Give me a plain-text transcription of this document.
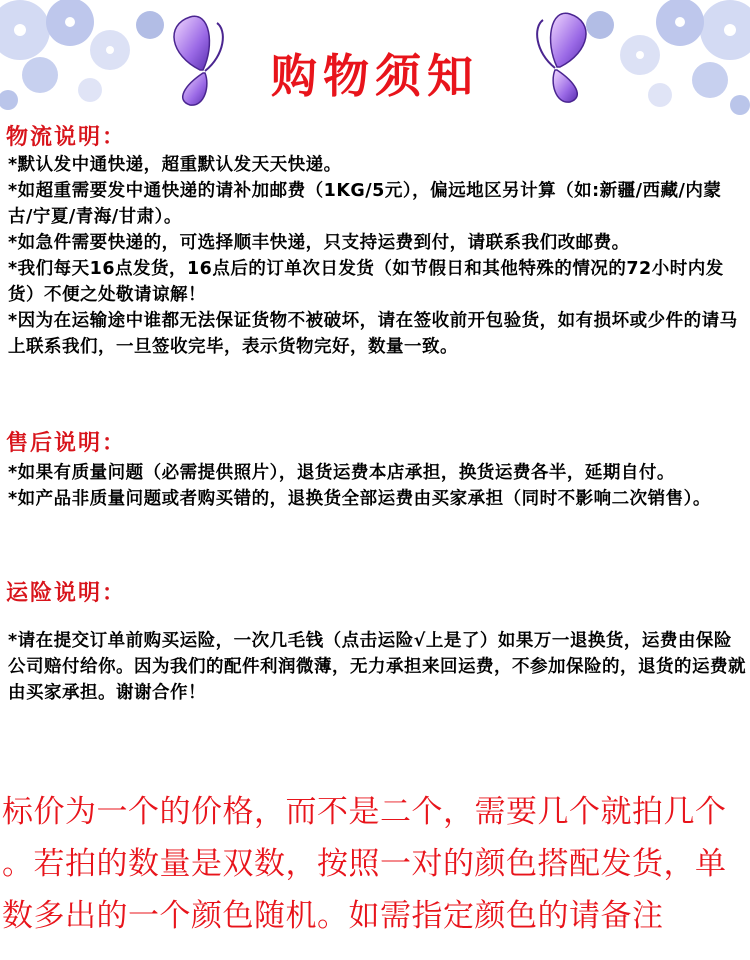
购物须知
物流说明：

*默认发中通快递，超重默认发天天快递。

*如超重需要发中通快递的请补加邮费（1KG/5元），偏远地区另计算（如:新疆/西藏/内蒙古/宁夏/青海/甘肃）。

*如急件需要快递的，可选择顺丰快递，只支持运费到付，请联系我们改邮费。

*我们每天16点发货，16点后的订单次日发货（如节假日和其他特殊的情况的72小时内发货）不便之处敬请谅解！

*因为在运输途中谁都无法保证货物不被破坏，请在签收前开包验货，如有损坏或少件的请马上联系我们，一旦签收完毕，表示货物完好，数量一致。

售后说明：

*如果有质量问题（必需提供照片），退货运费本店承担，换货运费各半，延期自付。

*如产品非质量问题或者购买错的，退换货全部运费由买家承担（同时不影响二次销售）。

运险说明：

*请在提交订单前购买运险，一次几毛钱（点击运险√上是了）如果万一退换货，运费由保险公司赔付给你。因为我们的配件利润微薄，无力承担来回运费，不参加保险的，退货的运费就由买家承担。谢谢合作！

标价为一个的价格，而不是二个，需要几个就拍几个 。若拍的数量是双数，按照一对的颜色搭配发货，单数多出的一个颜色随机。如需指定颜色的请备注
